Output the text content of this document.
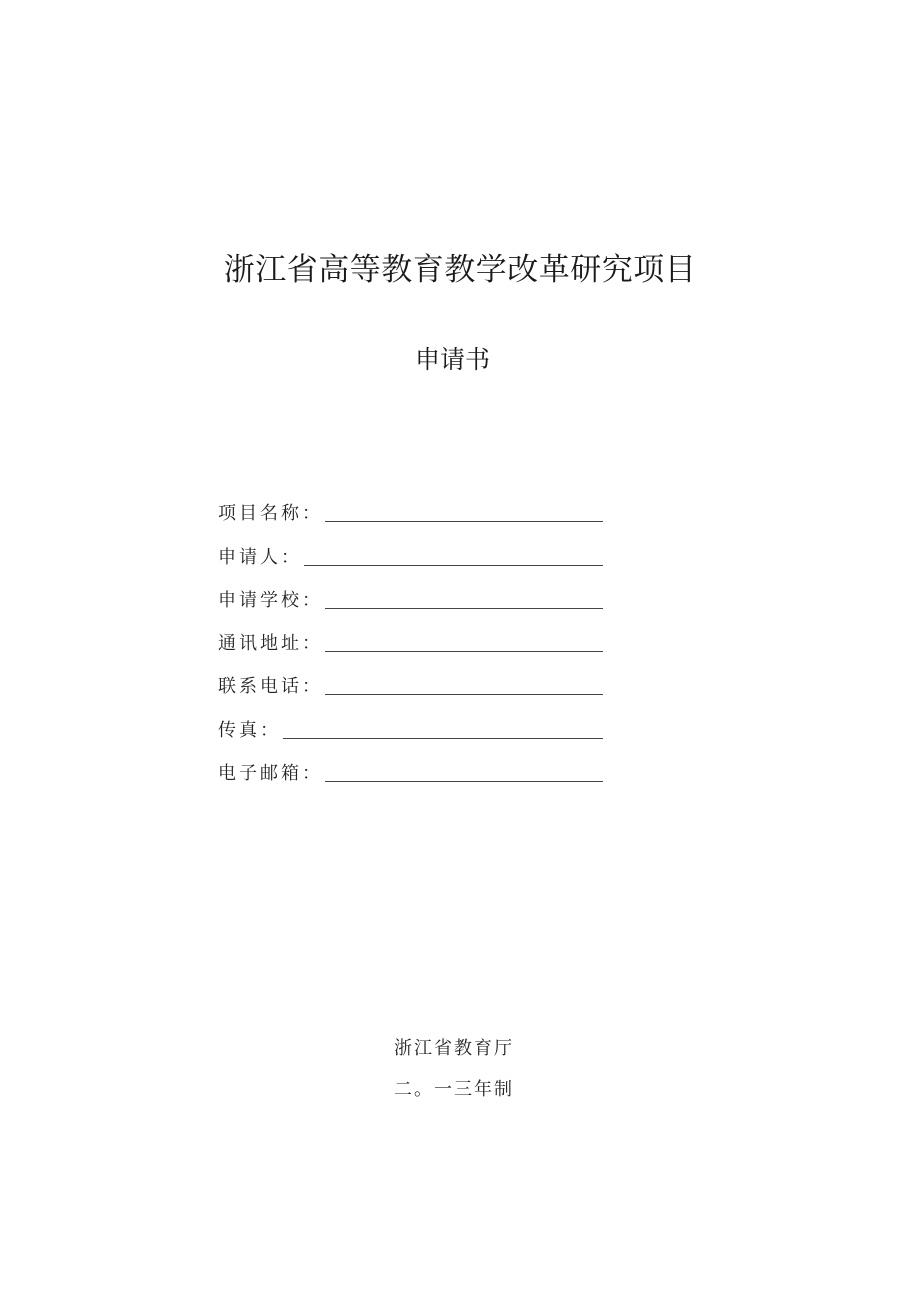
浙江省高等教育教学改革研究项目
申请书
项目名称：
申请人：
申请学校：
通讯地址：
联系电话：
传真：
电子邮箱：
浙江省教育厅
二。一三年制
